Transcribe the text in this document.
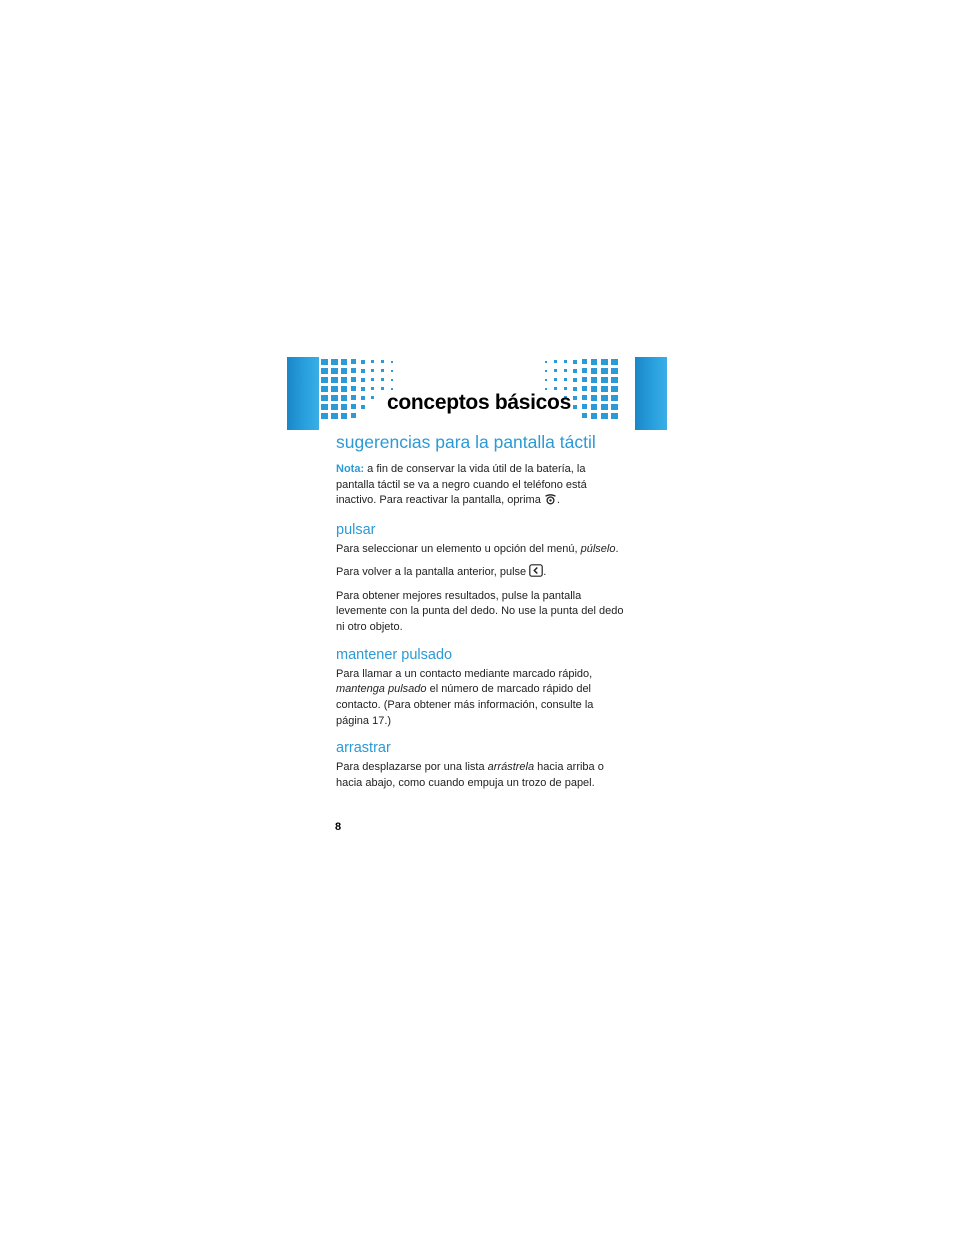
conceptos básicos
sugerencias para la pantalla táctil

Nota: a fin de conservar la vida útil de la batería, la pantalla táctil se va a negro cuando el teléfono está inactivo. Para reactivar la pantalla, oprima .

pulsar

Para seleccionar un elemento u opción del menú, púlselo.

Para volver a la pantalla anterior, pulse .

Para obtener mejores resultados, pulse la pantalla levemente con la punta del dedo. No use la punta del dedo ni otro objeto.

mantener pulsado

Para llamar a un contacto mediante marcado rápido, mantenga pulsado el número de marcado rápido del contacto. (Para obtener más información, consulte la página 17.)

arrastrar

Para desplazarse por una lista arrástrela hacia arriba o hacia abajo, como cuando empuja un trozo de papel.

8
